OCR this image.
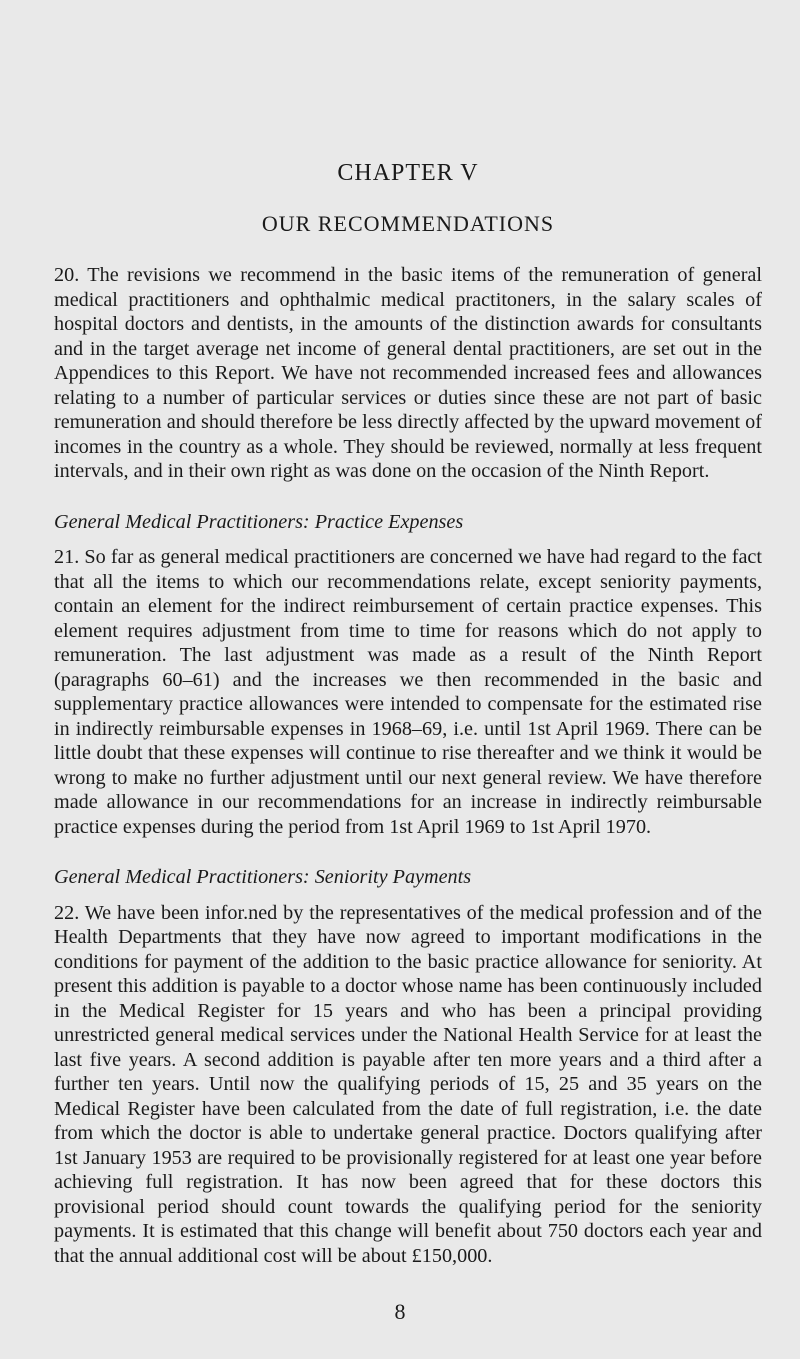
CHAPTER V
OUR RECOMMENDATIONS

20. The revisions we recommend in the basic items of the remuneration of general medical practitioners and ophthalmic medical practitoners, in the salary scales of hospital doctors and dentists, in the amounts of the distinction awards for consultants and in the target average net income of general dental practitioners, are set out in the Appendices to this Report. We have not recommended increased fees and allowances relating to a number of particular services or duties since these are not part of basic remuneration and should therefore be less directly affected by the upward movement of incomes in the country as a whole. They should be reviewed, normally at less frequent intervals, and in their own right as was done on the occasion of the Ninth Report.

General Medical Practitioners: Practice Expenses

21. So far as general medical practitioners are concerned we have had regard to the fact that all the items to which our recommendations relate, except seniority payments, contain an element for the indirect reimbursement of certain practice expenses. This element requires adjustment from time to time for reasons which do not apply to remuneration. The last adjustment was made as a result of the Ninth Report (paragraphs 60–61) and the increases we then recommended in the basic and supplementary practice allowances were intended to compensate for the estimated rise in indirectly reimbursable expenses in 1968–69, i.e. until 1st April 1969. There can be little doubt that these expenses will continue to rise thereafter and we think it would be wrong to make no further adjustment until our next general review. We have therefore made allowance in our recommendations for an increase in indirectly reimbursable practice expenses during the period from 1st April 1969 to 1st April 1970.

General Medical Practitioners: Seniority Payments

22. We have been infor.ned by the representatives of the medical profession and of the Health Departments that they have now agreed to important modifications in the conditions for payment of the addition to the basic practice allowance for seniority. At present this addition is payable to a doctor whose name has been continuously included in the Medical Register for 15 years and who has been a principal providing unrestricted general medical services under the National Health Service for at least the last five years. A second addition is payable after ten more years and a third after a further ten years. Until now the qualifying periods of 15, 25 and 35 years on the Medical Register have been calculated from the date of full registration, i.e. the date from which the doctor is able to undertake general practice. Doctors qualifying after 1st January 1953 are required to be provisionally registered for at least one year before achieving full registration. It has now been agreed that for these doctors this provisional period should count towards the qualifying period for the seniority payments. It is estimated that this change will benefit about 750 doctors each year and that the annual additional cost will be about £150,000.

8
